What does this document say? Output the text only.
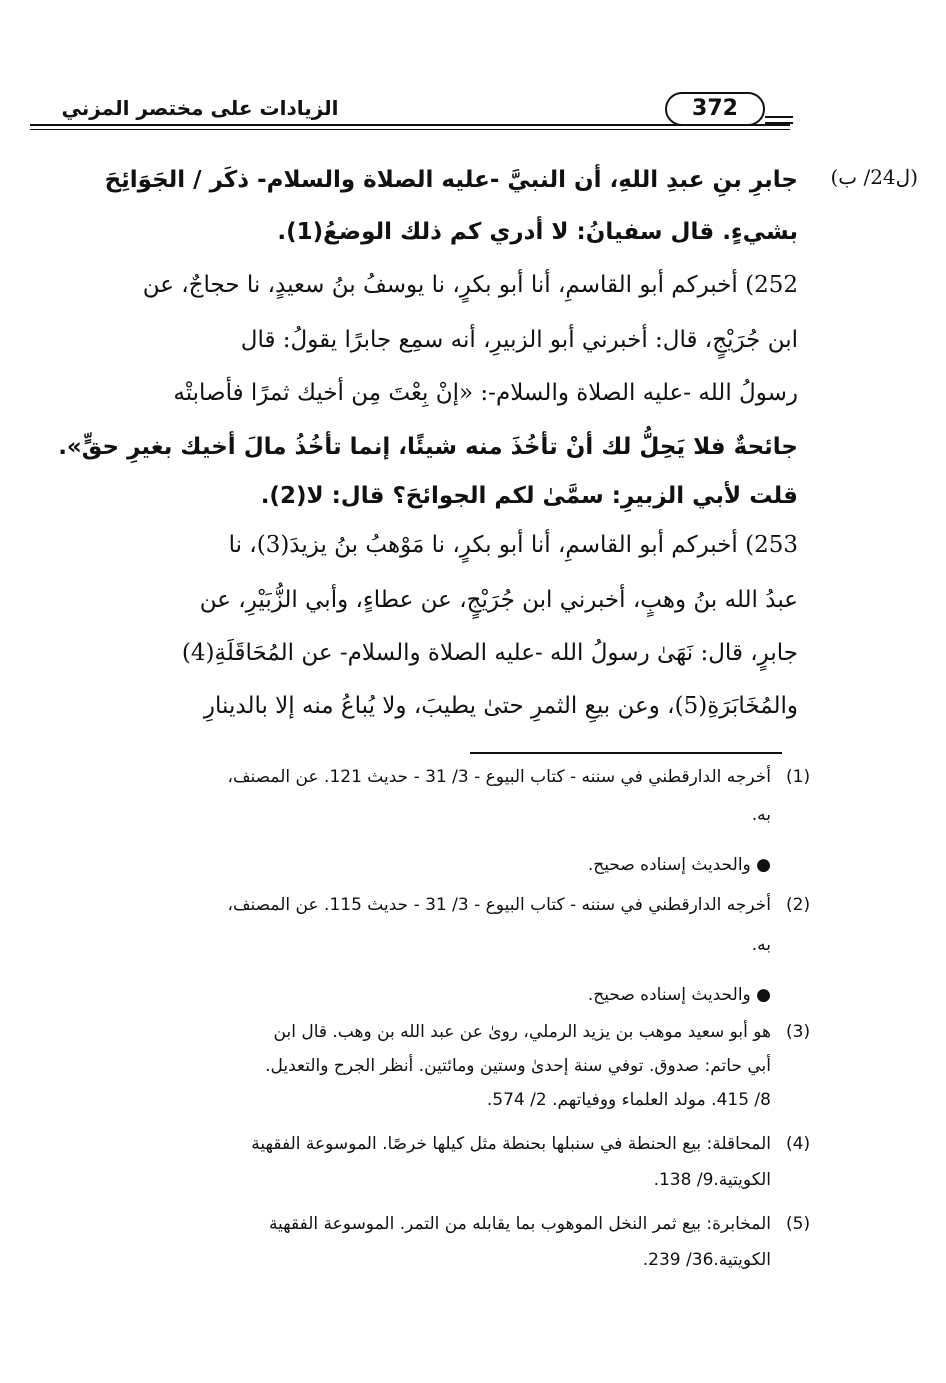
الزيادات على مختصر المزني	372
(ل24/ ب)
جابرِ بنِ عبدِ اللهِ، أن النبيَّ -عليه الصلاة والسلام- ذكَر / الجَوَائِحَ
بشيءٍ. قال سفيانُ: لا أدري كم ذلك الوضعُ(1).
252) أخبركم أبو القاسمِ، أنا أبو بكرٍ، نا يوسفُ بنُ سعيدٍ، نا حجاجٌ، عن
ابن جُرَيْجٍ، قال: أخبرني أبو الزبيرِ، أنه سمِع جابرًا يقولُ: قال
رسولُ الله -عليه الصلاة والسلام-: «إنْ بِعْتَ مِن أخيك ثمرًا فأصابتْه
جائحةٌ فلا يَحِلُّ لك أنْ تأخُذَ منه شيئًا، إنما تأخُذُ مالَ أخيك بغيرِ حقٍّ».
قلت لأبي الزبيرِ: سمَّىٰ لكم الجوائحَ؟ قال: لا(2).
253) أخبركم أبو القاسمِ، أنا أبو بكرٍ، نا مَوْهبُ بنُ يزيدَ(3)، نا
عبدُ الله بنُ وهبٍ، أخبرني ابن جُرَيْجٍ، عن عطاءٍ، وأبي الزُّبَيْرِ، عن
جابرٍ، قال: نَهَىٰ رسولُ الله -عليه الصلاة والسلام- عن المُحَاقَلَةِ(4)
والمُخَابَرَةِ(5)، وعن بيعِ الثمرِ حتىٰ يطيبَ، ولا يُباعُ منه إلا بالدينارِ
(1)
أخرجه الدارقطني في سننه - كتاب البيوع - 3/ 31 - حديث 121. عن المصنف،
به.
● والحديث إسناده صحيح.
(2)
أخرجه الدارقطني في سننه - كتاب البيوع - 3/ 31 - حديث 115. عن المصنف،
به.
● والحديث إسناده صحيح.
(3)
هو أبو سعيد موهب بن يزيد الرملي، روىٰ عن عبد الله بن وهب. قال ابن
أبي حاتم: صدوق. توفي سنة إحدىٰ وستين ومائتين. أنظر الجرح والتعديل.
8/ 415. مولد العلماء ووفياتهم. 2/ 574.
(4)
المحاقلة: بيع الحنطة في سنبلها بحنطة مثل كيلها خرصًا. الموسوعة الفقهية
الكويتية.9/ 138.
(5)
المخابرة: بيع ثمر النخل الموهوب بما يقابله من التمر. الموسوعة الفقهية
الكويتية.36/ 239.
